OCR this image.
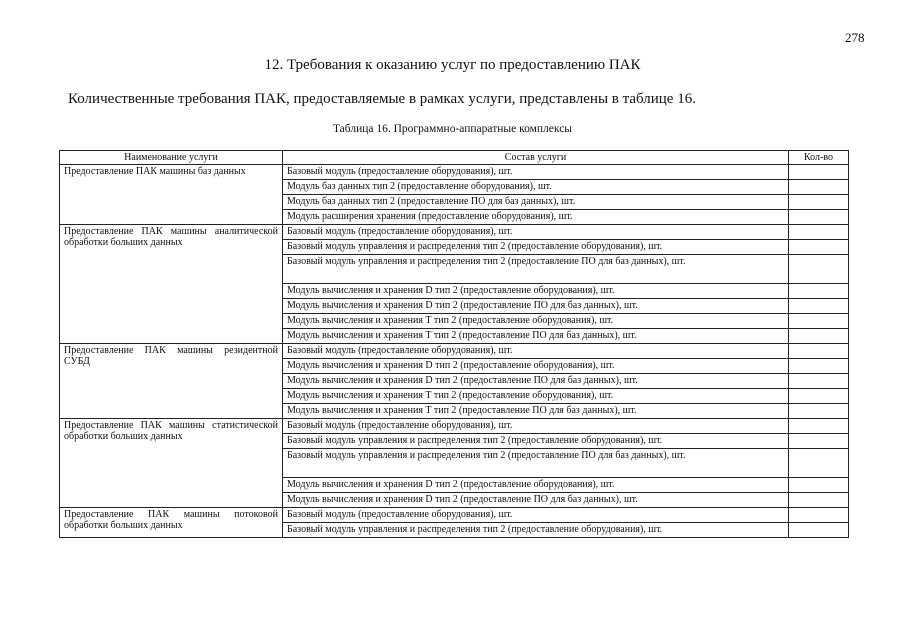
278
12. Требования к оказанию услуг по предоставлению ПАК
Количественные требования ПАК, предоставляемые в рамках услуги, представлены в таблице 16.
Таблица 16. Программно-аппаратные комплексы
Наименование услуги	Состав услуги	Кол-во
Предоставление ПАК машины баз данных	Базовый модуль (предоставление оборудования), шт.	
	Модуль баз данных тип 2 (предоставление оборудования), шт.	
	Модуль баз данных тип 2 (предоставление ПО для баз данных), шт.	
	Модуль расширения хранения (предоставление оборудования), шт.	
Предоставление ПАК машины аналитической обработки больших данных	Базовый модуль (предоставление оборудования), шт.	
	Базовый модуль управления и распределения тип 2 (предоставление оборудования), шт.	
	Базовый модуль управления и распределения тип 2 (предоставление ПО для баз данных), шт.	
	Модуль вычисления и хранения D тип 2 (предоставление оборудования), шт.	
	Модуль вычисления и хранения D тип 2 (предоставление ПО для баз данных), шт.	
	Модуль вычисления и хранения T тип 2 (предоставление оборудования), шт.	
	Модуль вычисления и хранения T тип 2 (предоставление ПО для баз данных), шт.	
Предоставление ПАК машины резидентной СУБД	Базовый модуль (предоставление оборудования), шт.	
	Модуль вычисления и хранения D тип 2 (предоставление оборудования), шт.	
	Модуль вычисления и хранения D тип 2 (предоставление ПО для баз данных), шт.	
	Модуль вычисления и хранения T тип 2 (предоставление оборудования), шт.	
	Модуль вычисления и хранения T тип 2 (предоставление ПО для баз данных), шт.	
Предоставление ПАК машины статистической обработки больших данных	Базовый модуль (предоставление оборудования), шт.	
	Базовый модуль управления и распределения тип 2 (предоставление оборудования), шт.	
	Базовый модуль управления и распределения тип 2 (предоставление ПО для баз данных), шт.	
	Модуль вычисления и хранения D тип 2 (предоставление оборудования), шт.	
	Модуль вычисления и хранения D тип 2 (предоставление ПО для баз данных), шт.	
Предоставление ПАК машины потоковой обработки больших данных	Базовый модуль (предоставление оборудования), шт.	
	Базовый модуль управления и распределения тип 2 (предоставление оборудования), шт.	
